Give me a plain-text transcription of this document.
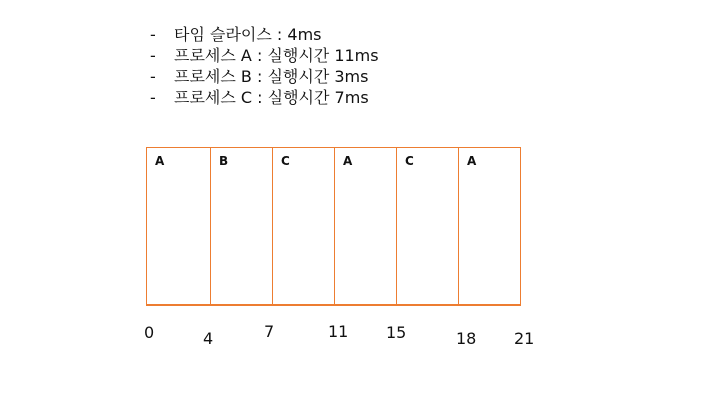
-	타임 슬라이스 : 4ms
-	프로세스 A : 실행시간 11ms
-	프로세스 B : 실행시간 3ms
-	프로세스 C : 실행시간 7ms
A	B	C	A	C	A
0	4	7	11 15	18 21
